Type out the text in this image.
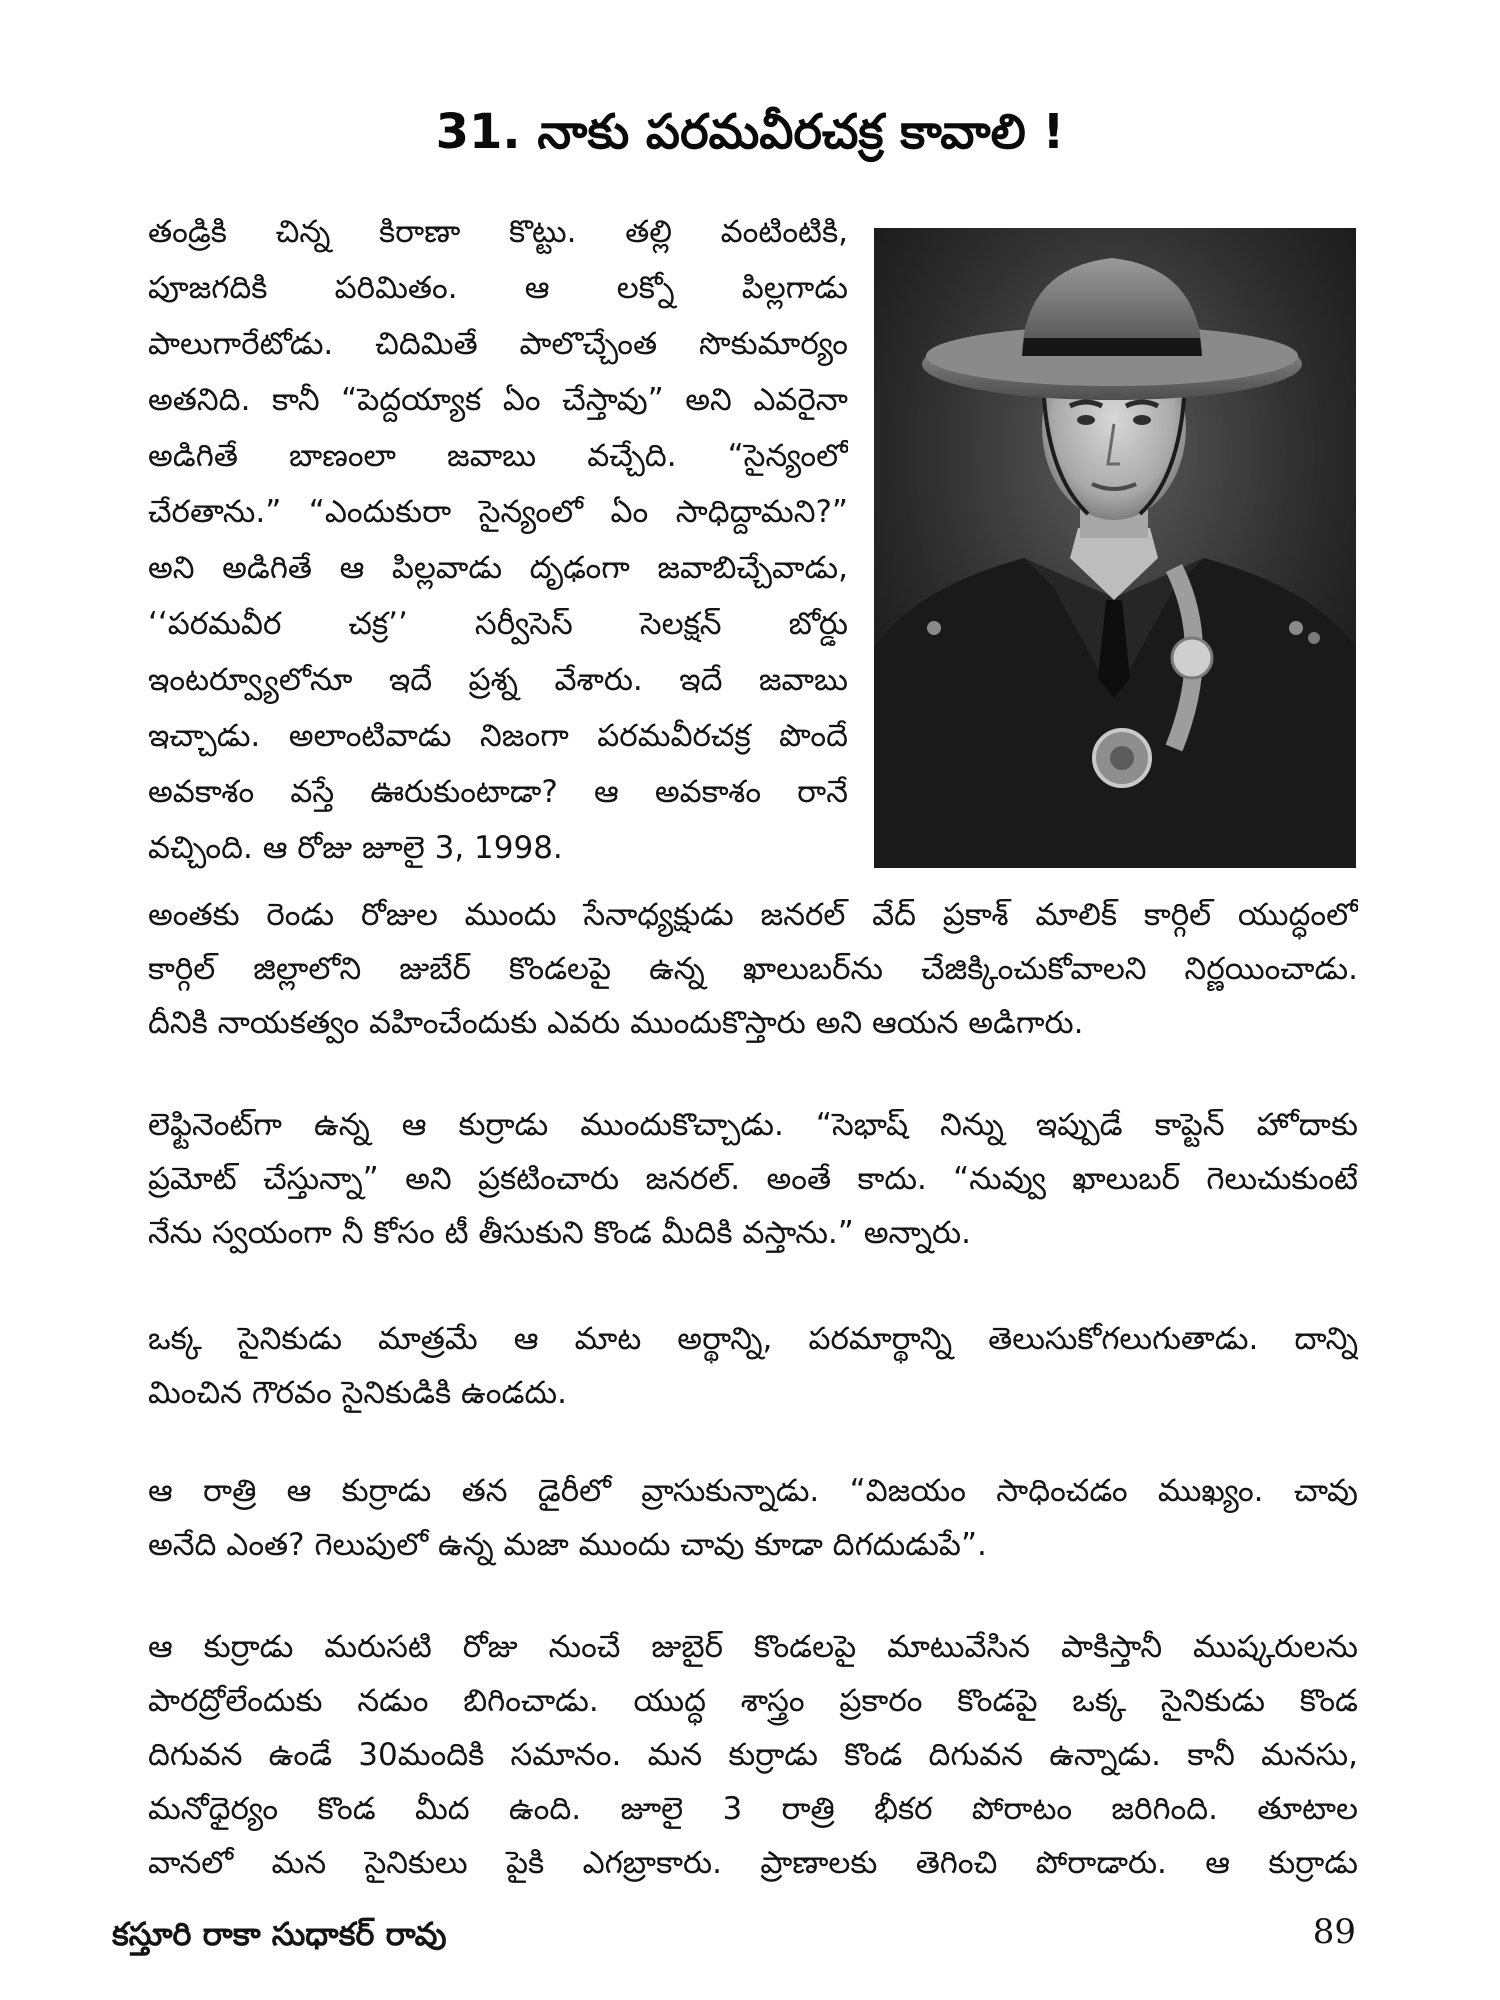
31. నాకు పరమవీరచక్ర కావాలి !
తండ్రికి చిన్న కిరాణా కొట్టు. తల్లి వంటింటికి,
పూజగదికి పరిమితం. ఆ లక్నో పిల్లగాడు
పాలుగారేటోడు. చిదిమితే పాలొచ్చేంత సొకుమార్యం
అతనిది. కానీ “పెద్దయ్యాక ఏం చేస్తావు” అని ఎవరైనా
అడిగితే బాణంలా జవాబు వచ్చేది. “సైన్యంలో
చేరతాను.” “ఎందుకురా సైన్యంలో ఏం సాధిద్దామని?”
అని అడిగితే ఆ పిల్లవాడు దృఢంగా జవాబిచ్చేవాడు,
‘‘పరమవీర చక్ర’’ సర్వీసెస్ సెలక్షన్ బోర్డు
ఇంటర్వ్యూలోనూ ఇదే ప్రశ్న వేశారు. ఇదే జవాబు
ఇచ్చాడు. అలాంటివాడు నిజంగా పరమవీరచక్ర పొందే
అవకాశం వస్తే ఊరుకుంటాడా? ఆ అవకాశం రానే
వచ్చింది. ఆ రోజు జూలై 3, 1998.
అంతకు రెండు రోజుల ముందు సేనాధ్యక్షుడు జనరల్ వేద్ ప్రకాశ్ మాలిక్ కార్గిల్ యుద్ధంలో
కార్గిల్ జిల్లాలోని జుబేర్ కొండలపై ఉన్న ఖాలుబర్‌ను చేజిక్కించుకోవాలని నిర్ణయించాడు.
దీనికి నాయకత్వం వహించేందుకు ఎవరు ముందుకొస్తారు అని ఆయన అడిగారు.
లెఫ్టినెంట్‌గా ఉన్న ఆ కుర్రాడు ముందుకొచ్చాడు. “సెభాష్ నిన్ను ఇప్పుడే కాప్టెన్ హోదాకు
ప్రమోట్ చేస్తున్నా” అని ప్రకటించారు జనరల్. అంతే కాదు. “నువ్వు ఖాలుబర్ గెలుచుకుంటే
నేను స్వయంగా నీ కోసం టీ తీసుకుని కొండ మీదికి వస్తాను.” అన్నారు.
ఒక్క సైనికుడు మాత్రమే ఆ మాట అర్థాన్ని, పరమార్థాన్ని తెలుసుకోగలుగుతాడు. దాన్ని
మించిన గౌరవం సైనికుడికి ఉండదు.
ఆ రాత్రి ఆ కుర్రాడు తన డైరీలో వ్రాసుకున్నాడు. “విజయం సాధించడం ముఖ్యం. చావు
అనేది ఎంత? గెలుపులో ఉన్న మజా ముందు చావు కూడా దిగదుడుపే”.
ఆ కుర్రాడు మరుసటి రోజు నుంచే జుబైర్ కొండలపై మాటువేసిన పాకిస్తానీ ముష్కరులను
పారద్రోలేందుకు నడుం బిగించాడు. యుద్ధ శాస్త్రం ప్రకారం కొండపై ఒక్క సైనికుడు కొండ
దిగువన ఉండే 30మందికి సమానం. మన కుర్రాడు కొండ దిగువన ఉన్నాడు. కానీ మనసు,
మనోధైర్యం కొండ మీద ఉంది. జూలై 3 రాత్రి భీకర పోరాటం జరిగింది. తూటాల
వానలో మన సైనికులు పైకి ఎగబ్రాకారు. ప్రాణాలకు తెగించి పోరాడారు. ఆ కుర్రాడు
కస్తూరి రాకా సుధాకర్ రావు	89
